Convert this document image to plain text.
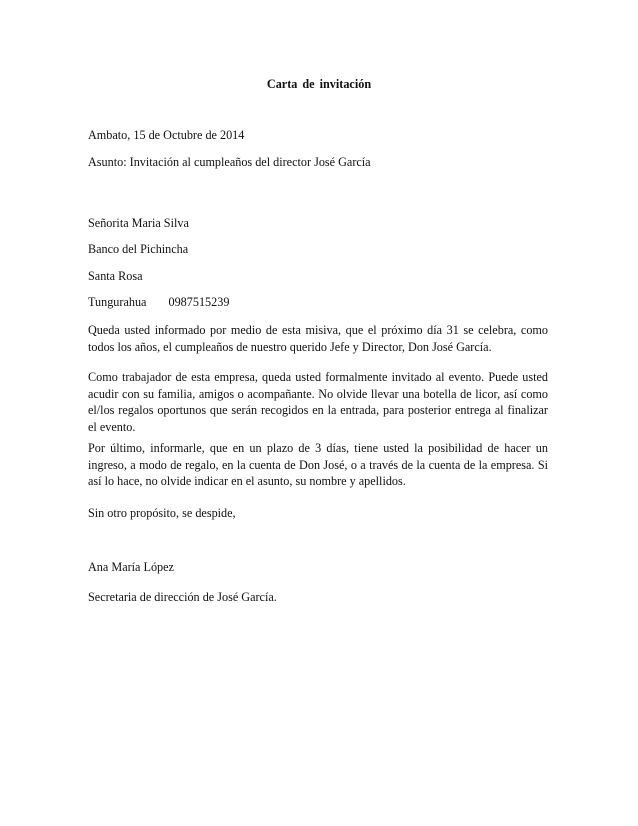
Carta de invitación
Ambato, 15 de Octubre de 2014
Asunto: Invitación al cumpleaños del director José García
Señorita Maria Silva
Banco del Pichincha
Santa Rosa
Tungurahua 0987515239
Queda usted informado por medio de esta misiva, que el próximo día 31 se celebra, como todos los años, el cumpleaños de nuestro querido Jefe y Director, Don José García.
Como trabajador de esta empresa, queda usted formalmente invitado al evento. Puede usted acudir con su familia, amigos o acompañante. No olvide llevar una botella de licor, así como el/los regalos oportunos que serán recogidos en la entrada, para posterior entrega al finalizar el evento.
Por último, informarle, que en un plazo de 3 días, tiene usted la posibilidad de hacer un ingreso, a modo de regalo, en la cuenta de Don José, o a través de la cuenta de la empresa. Si así lo hace, no olvide indicar en el asunto, su nombre y apellidos.
Sin otro propósito, se despide,
Ana María López
Secretaria de dirección de José García.
